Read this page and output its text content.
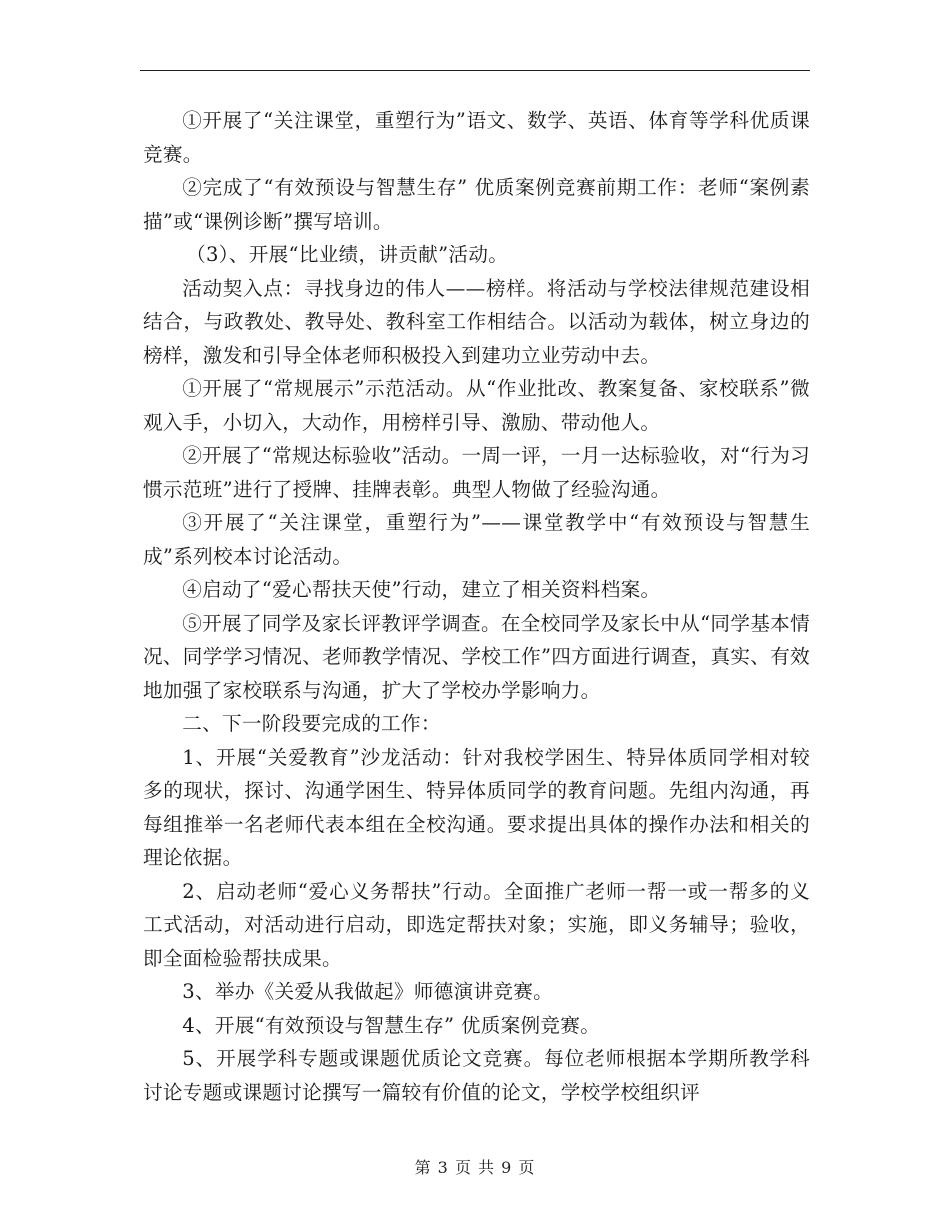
①开展了“关注课堂，重塑行为”语文、数学、英语、体育等学科优质课竞赛。

②完成了“有效预设与智慧生存” 优质案例竞赛前期工作：老师“案例素描”或“课例诊断”撰写培训。

（3）、开展“比业绩，讲贡献”活动。

活动契入点：寻找身边的伟人——榜样。将活动与学校法律规范建设相结合，与政教处、教导处、教科室工作相结合。以活动为载体，树立身边的榜样，激发和引导全体老师积极投入到建功立业劳动中去。

①开展了“常规展示”示范活动。从“作业批改、教案复备、家校联系”微观入手，小切入，大动作，用榜样引导、激励、带动他人。

②开展了“常规达标验收”活动。一周一评，一月一达标验收，对“行为习惯示范班”进行了授牌、挂牌表彰。典型人物做了经验沟通。

③开展了“关注课堂，重塑行为”——课堂教学中“有效预设与智慧生成”系列校本讨论活动。

④启动了“爱心帮扶天使”行动，建立了相关资料档案。

⑤开展了同学及家长评教评学调查。在全校同学及家长中从“同学基本情况、同学学习情况、老师教学情况、学校工作”四方面进行调查，真实、有效地加强了家校联系与沟通，扩大了学校办学影响力。

二、下一阶段要完成的工作：

1、开展“关爱教育”沙龙活动：针对我校学困生、特异体质同学相对较多的现状，探讨、沟通学困生、特异体质同学的教育问题。先组内沟通，再每组推举一名老师代表本组在全校沟通。要求提出具体的操作办法和相关的理论依据。

2、启动老师“爱心义务帮扶”行动。全面推广老师一帮一或一帮多的义工式活动，对活动进行启动，即选定帮扶对象；实施，即义务辅导；验收，即全面检验帮扶成果。

3、举办《关爱从我做起》师德演讲竞赛。

4、开展“有效预设与智慧生存” 优质案例竞赛。

5、开展学科专题或课题优质论文竞赛。每位老师根据本学期所教学科讨论专题或课题讨论撰写一篇较有价值的论文，学校学校组织评

第 3 页 共 9 页
